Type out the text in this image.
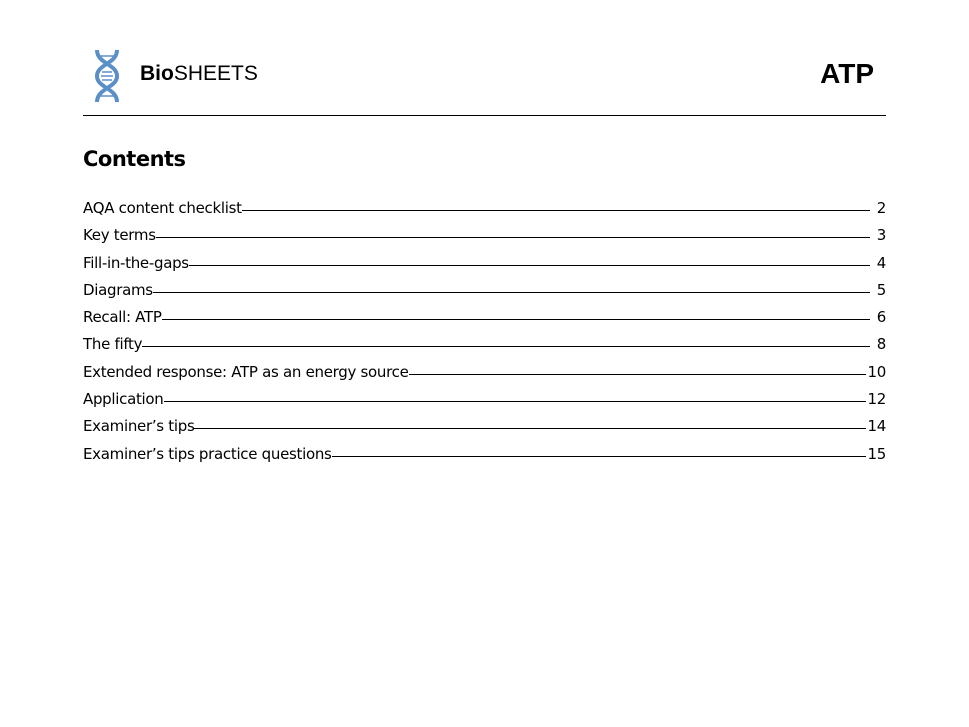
BioSHEETS	ATP
Contents
AQA content checklist	2
Key terms	3
Fill-in-the-gaps	4
Diagrams	5
Recall: ATP	6
The fifty	8
Extended response: ATP as an energy source	10
Application	12
Examiner’s tips	14
Examiner’s tips practice questions	15
